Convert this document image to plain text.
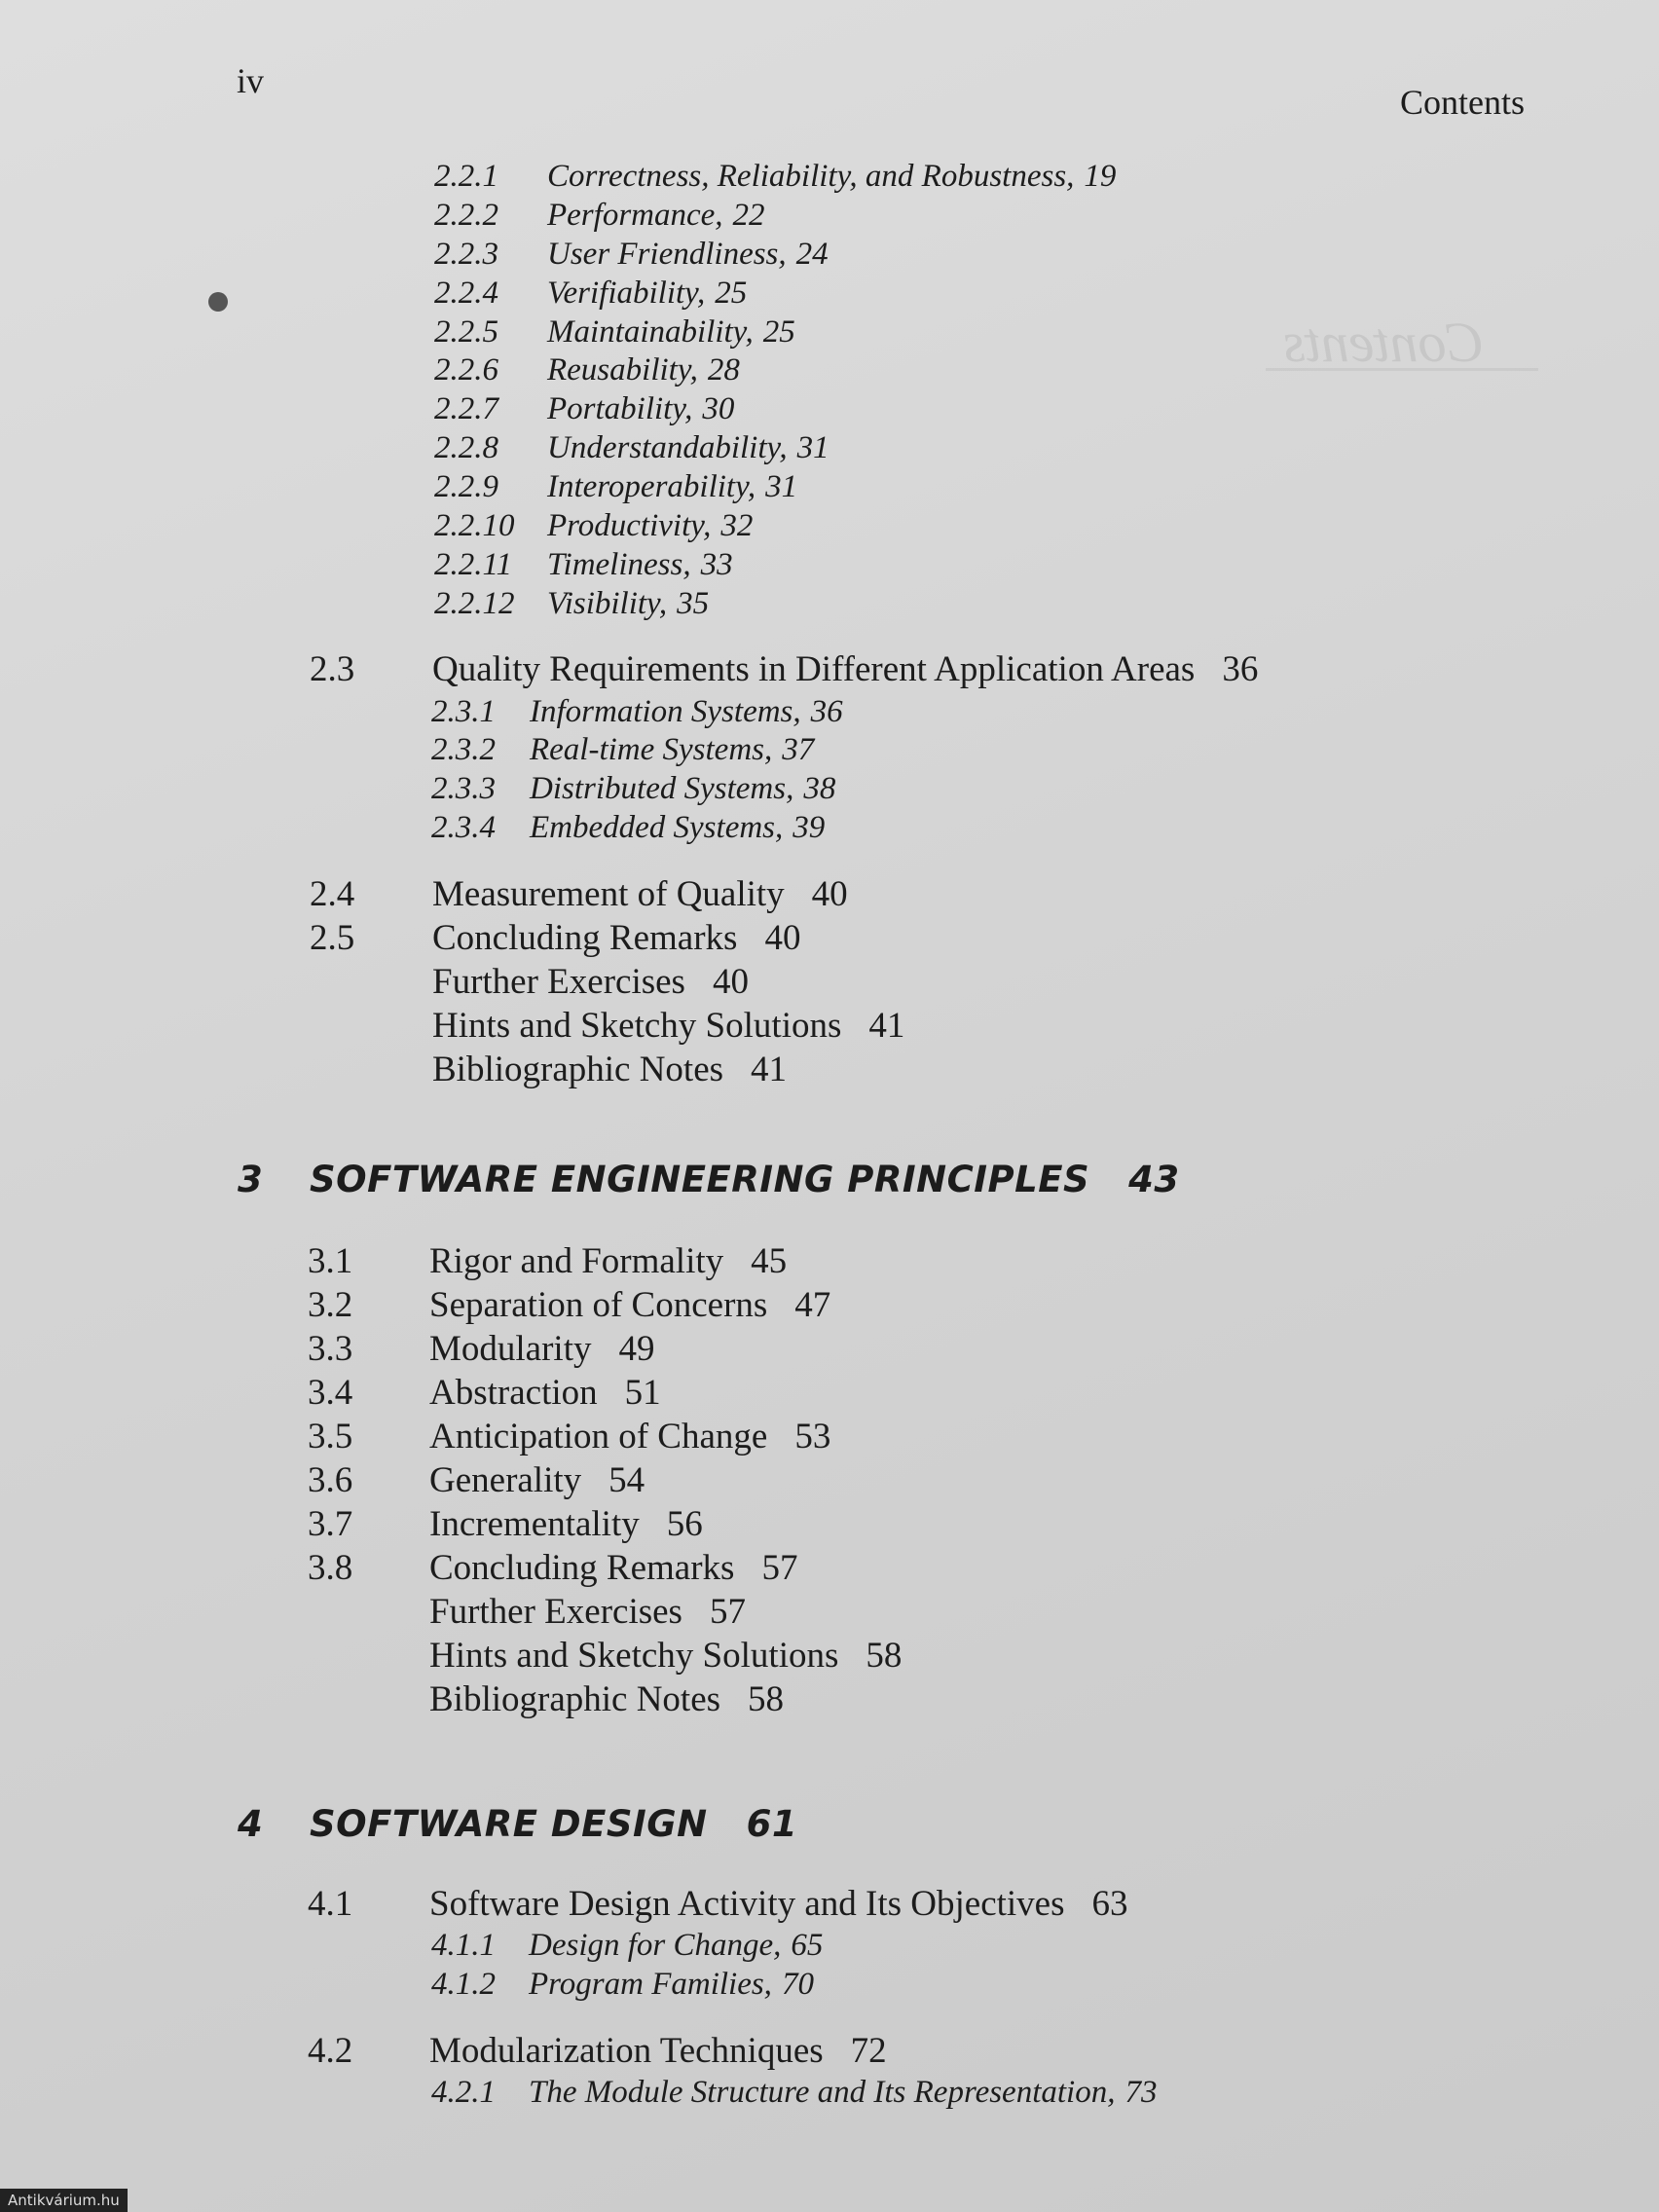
iv
Contents
Contents
2.2.1 Correctness, Reliability, and Robustness, 19
2.2.2 Performance, 22
2.2.3 User Friendliness, 24
2.2.4 Verifiability, 25
2.2.5 Maintainability, 25
2.2.6 Reusability, 28
2.2.7 Portability, 30
2.2.8 Understandability, 31
2.2.9 Interoperability, 31
2.2.10 Productivity, 32
2.2.11 Timeliness, 33
2.2.12 Visibility, 35
2.3 Quality Requirements in Different Application Areas 36
2.3.1 Information Systems, 36
2.3.2 Real-time Systems, 37
2.3.3 Distributed Systems, 38
2.3.4 Embedded Systems, 39
2.4 Measurement of Quality 40
2.5 Concluding Remarks 40
Further Exercises 40
Hints and Sketchy Solutions 41
Bibliographic Notes 41
3 SOFTWARE ENGINEERING PRINCIPLES 43
3.1 Rigor and Formality 45
3.2 Separation of Concerns 47
3.3 Modularity 49
3.4 Abstraction 51
3.5 Anticipation of Change 53
3.6 Generality 54
3.7 Incrementality 56
3.8 Concluding Remarks 57
Further Exercises 57
Hints and Sketchy Solutions 58
Bibliographic Notes 58
4 SOFTWARE DESIGN 61
4.1 Software Design Activity and Its Objectives 63
4.1.1 Design for Change, 65
4.1.2 Program Families, 70
4.2 Modularization Techniques 72
4.2.1 The Module Structure and Its Representation, 73
Antikvárium.hu
